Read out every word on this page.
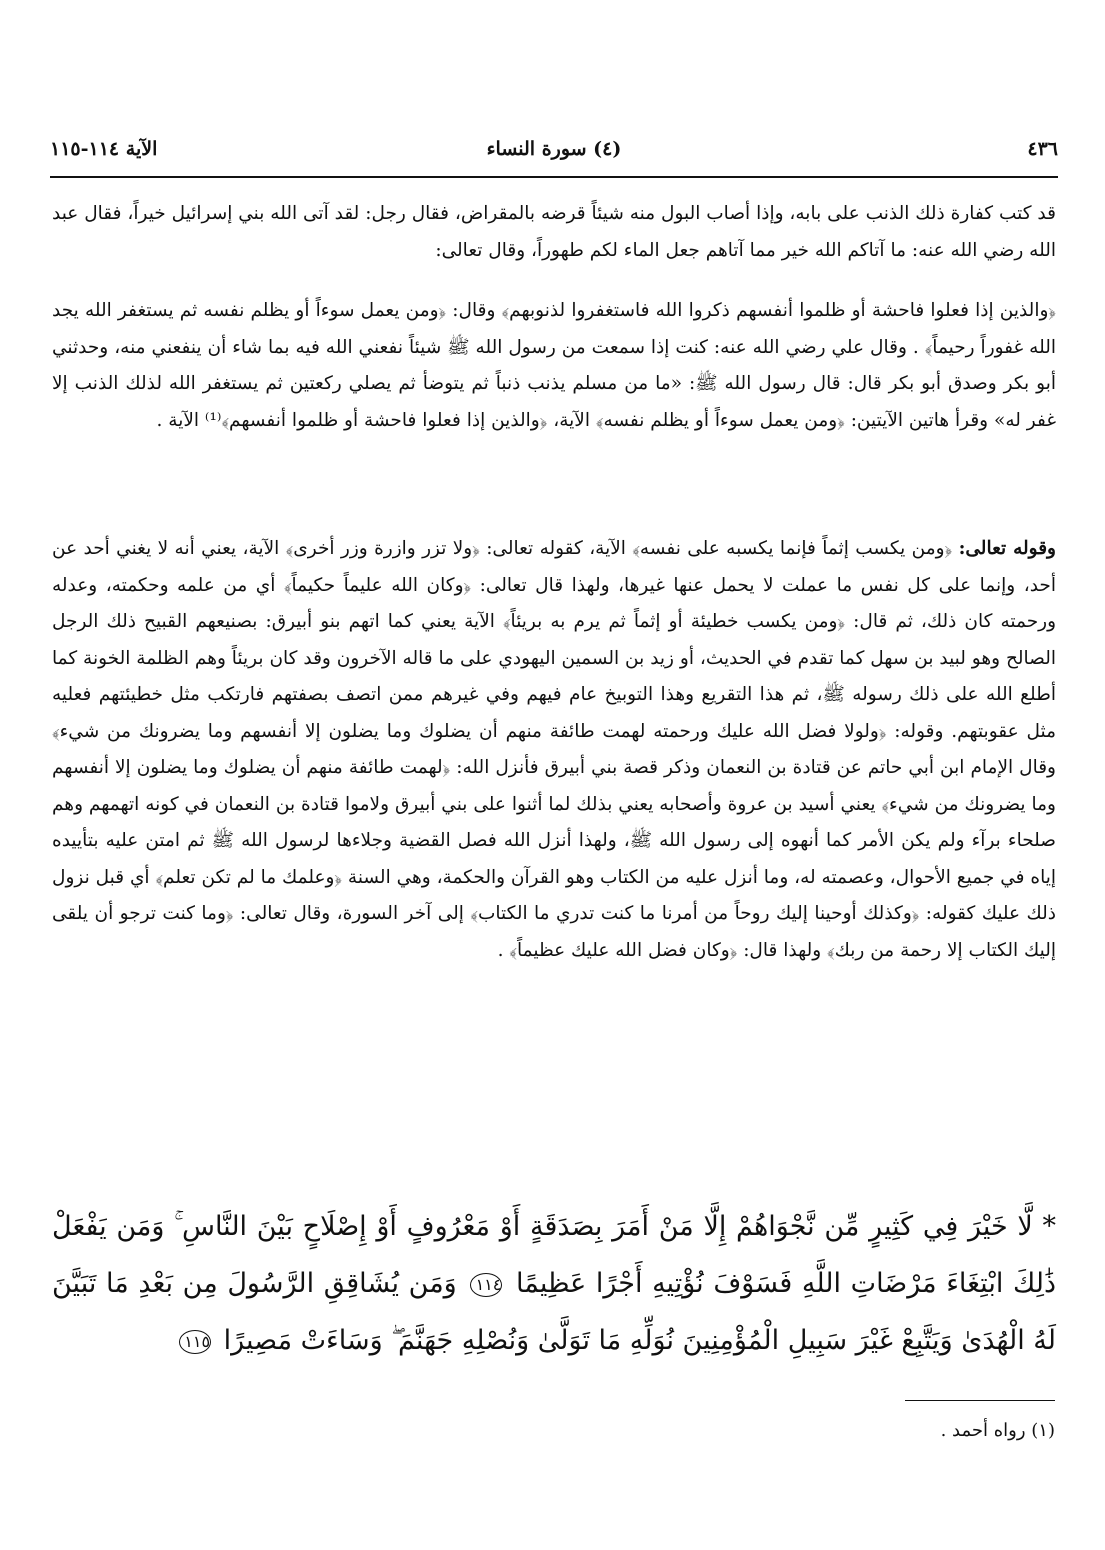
٤٣٦
(٤) سورة النساء
الآية ١١٤-١١٥
قد كتب كفارة ذلك الذنب على بابه، وإذا أصاب البول منه شيئاً قرضه بالمقراض، فقال رجل: لقد آتى الله بني إسرائيل خيراً، فقال عبد الله رضي الله عنه: ما آتاكم الله خير مما آتاهم جعل الماء لكم طهوراً، وقال تعالى:
﴿والذين إذا فعلوا فاحشة أو ظلموا أنفسهم ذكروا الله فاستغفروا لذنوبهم﴾ وقال: ﴿ومن يعمل سوءاً أو يظلم نفسه ثم يستغفر الله يجد الله غفوراً رحيماً﴾ . وقال علي رضي الله عنه: كنت إذا سمعت من رسول الله ﷺ شيئاً نفعني الله فيه بما شاء أن ينفعني منه، وحدثني أبو بكر وصدق أبو بكر قال: قال رسول الله ﷺ: «ما من مسلم يذنب ذنباً ثم يتوضأ ثم يصلي ركعتين ثم يستغفر الله لذلك الذنب إلا غفر له» وقرأ هاتين الآيتين: ﴿ومن يعمل سوءاً أو يظلم نفسه﴾ الآية، ﴿والذين إذا فعلوا فاحشة أو ظلموا أنفسهم﴾⁽¹⁾ الآية .
وقوله تعالى: ﴿ومن يكسب إثماً فإنما يكسبه على نفسه﴾ الآية، كقوله تعالى: ﴿ولا تزر وازرة وزر أخرى﴾ الآية، يعني أنه لا يغني أحد عن أحد، وإنما على كل نفس ما عملت لا يحمل عنها غيرها، ولهذا قال تعالى: ﴿وكان الله عليماً حكيماً﴾ أي من علمه وحكمته، وعدله ورحمته كان ذلك، ثم قال: ﴿ومن يكسب خطيئة أو إثماً ثم يرم به بريئاً﴾ الآية يعني كما اتهم بنو أبيرق: بصنيعهم القبيح ذلك الرجل الصالح وهو لبيد بن سهل كما تقدم في الحديث، أو زيد بن السمين اليهودي على ما قاله الآخرون وقد كان بريئاً وهم الظلمة الخونة كما أطلع الله على ذلك رسوله ﷺ، ثم هذا التقريع وهذا التوبيخ عام فيهم وفي غيرهم ممن اتصف بصفتهم فارتكب مثل خطيئتهم فعليه مثل عقوبتهم. وقوله: ﴿ولولا فضل الله عليك ورحمته لهمت طائفة منهم أن يضلوك وما يضلون إلا أنفسهم وما يضرونك من شيء﴾ وقال الإمام ابن أبي حاتم عن قتادة بن النعمان وذكر قصة بني أبيرق فأنزل الله: ﴿لهمت طائفة منهم أن يضلوك وما يضلون إلا أنفسهم وما يضرونك من شيء﴾ يعني أسيد بن عروة وأصحابه يعني بذلك لما أثنوا على بني أبيرق ولاموا قتادة بن النعمان في كونه اتهمهم وهم صلحاء برآء ولم يكن الأمر كما أنهوه إلى رسول الله ﷺ، ولهذا أنزل الله فصل القضية وجلاءها لرسول الله ﷺ ثم امتن عليه بتأييده إياه في جميع الأحوال، وعصمته له، وما أنزل عليه من الكتاب وهو القرآن والحكمة، وهي السنة ﴿وعلمك ما لم تكن تعلم﴾ أي قبل نزول ذلك عليك كقوله: ﴿وكذلك أوحينا إليك روحاً من أمرنا ما كنت تدري ما الكتاب﴾ إلى آخر السورة، وقال تعالى: ﴿وما كنت ترجو أن يلقى إليك الكتاب إلا رحمة من ربك﴾ ولهذا قال: ﴿وكان فضل الله عليك عظيماً﴾ .
* لَّا خَيْرَ فِي كَثِيرٍ مِّن نَّجْوَاهُمْ إِلَّا مَنْ أَمَرَ بِصَدَقَةٍ أَوْ مَعْرُوفٍ أَوْ إِصْلَاحٍ بَيْنَ النَّاسِ ۚ وَمَن يَفْعَلْ ذَٰلِكَ ابْتِغَاءَ مَرْضَاتِ اللَّهِ فَسَوْفَ نُؤْتِيهِ أَجْرًا عَظِيمًا ١١٤ وَمَن يُشَاقِقِ الرَّسُولَ مِن بَعْدِ مَا تَبَيَّنَ لَهُ الْهُدَىٰ وَيَتَّبِعْ غَيْرَ سَبِيلِ الْمُؤْمِنِينَ نُوَلِّهِ مَا تَوَلَّىٰ وَنُصْلِهِ جَهَنَّمَ ۖ وَسَاءَتْ مَصِيرًا ١١٥
(١) رواه أحمد .
